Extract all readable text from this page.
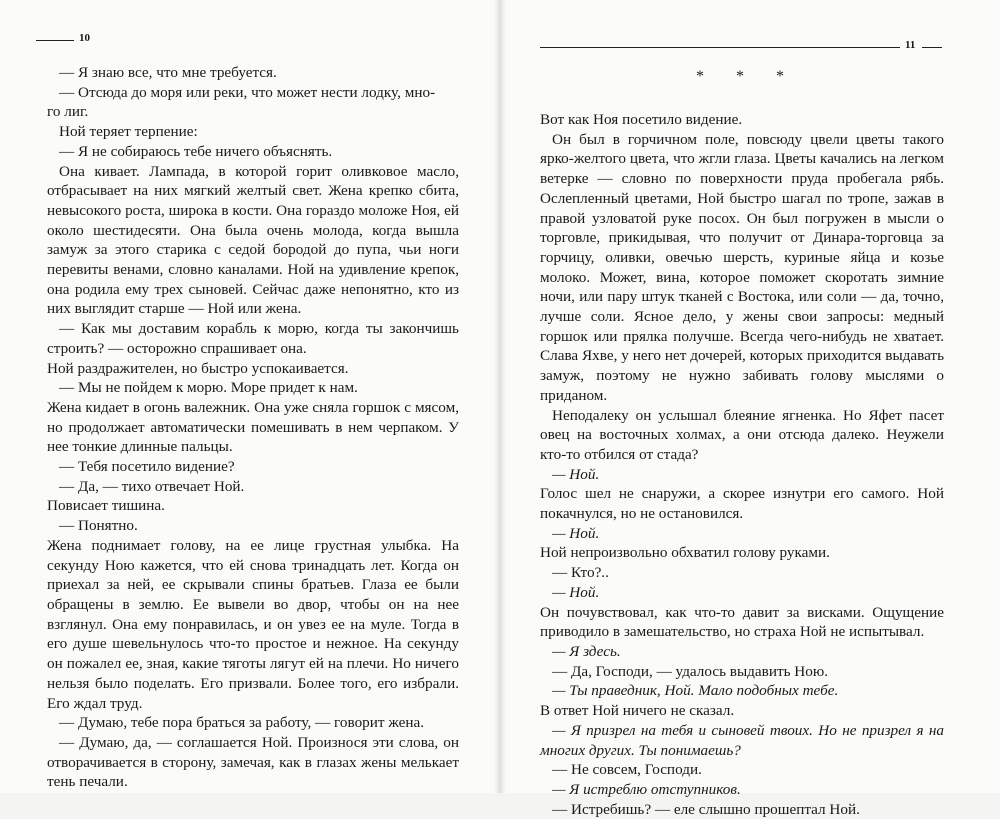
10
11

— Я знаю все, что мне требуется.

— Отсюда до моря или реки, что может нести лодку, мно-

го лиг.

Ной теряет терпение:

— Я не собираюсь тебе ничего объяснять.

Она кивает. Лампада, в которой горит оливковое масло, отбрасывает на них мягкий желтый свет. Жена крепко сбита, невысокого роста, широка в кости. Она гораздо моложе Ноя, ей около шестидесяти. Она была очень молода, когда вышла замуж за этого старика с седой бородой до пупа, чьи ноги перевиты венами, словно каналами. Ной на удивление крепок, она родила ему трех сыновей. Сейчас даже непонятно, кто из них выглядит старше — Ной или жена.

— Как мы доставим корабль к морю, когда ты закончишь строить? — осторожно спрашивает она.

Ной раздражителен, но быстро успокаивается.

— Мы не пойдем к морю. Море придет к нам.

Жена кидает в огонь валежник. Она уже сняла горшок с мясом, но продолжает автоматически помешивать в нем черпаком. У нее тонкие длинные пальцы.

— Тебя посетило видение?

— Да, — тихо отвечает Ной.

Повисает тишина.

— Понятно.

Жена поднимает голову, на ее лице грустная улыбка. На секунду Ною кажется, что ей снова тринадцать лет. Когда он приехал за ней, ее скрывали спины братьев. Глаза ее были обращены в землю. Ее вывели во двор, чтобы он на нее взглянул. Она ему понравилась, и он увез ее на муле. Тогда в его душе шевельнулось что-то простое и нежное. На секунду он пожалел ее, зная, какие тяготы лягут ей на плечи. Но ничего нельзя было поделать. Его призвали. Более того, его избрали. Его ждал труд.

— Думаю, тебе пора браться за работу, — говорит жена.

— Думаю, да, — соглашается Ной. Произнося эти слова, он отворачивается в сторону, замечая, как в глазах жены мелькает тень печали.

* * *

Вот как Ноя посетило видение.

Он был в горчичном поле, повсюду цвели цветы такого ярко-желтого цвета, что жгли глаза. Цветы качались на легком ветерке — словно по поверхности пруда пробегала рябь. Ослепленный цветами, Ной быстро шагал по тропе, зажав в правой узловатой руке посох. Он был погружен в мысли о торговле, прикидывая, что получит от Динара-торговца за горчицу, оливки, овечью шерсть, куриные яйца и козье молоко. Может, вина, которое поможет скоротать зимние ночи, или пару штук тканей с Востока, или соли — да, точно, лучше соли. Ясное дело, у жены свои запросы: медный горшок или прялка получше. Всегда чего-нибудь не хватает. Слава Яхве, у него нет дочерей, которых приходится выдавать замуж, поэтому не нужно забивать голову мыслями о приданом.

Неподалеку он услышал блеяние ягненка. Но Яфет пасет овец на восточных холмах, а они отсюда далеко. Неужели кто-то отбился от стада?

— Ной.

Голос шел не снаружи, а скорее изнутри его самого. Ной покачнулся, но не остановился.

— Ной.

Ной непроизвольно обхватил голову руками.

— Кто?..

— Ной.

Он почувствовал, как что-то давит за висками. Ощущение приводило в замешательство, но страха Ной не испытывал.

— Я здесь.

— Да, Господи, — удалось выдавить Ною.

— Ты праведник, Ной. Мало подобных тебе.

В ответ Ной ничего не сказал.

— Я призрел на тебя и сыновей твоих. Но не призрел я на многих других. Ты понимаешь?

— Не совсем, Господи.

— Я истреблю отступников.

— Истребишь? — еле слышно прошептал Ной.
